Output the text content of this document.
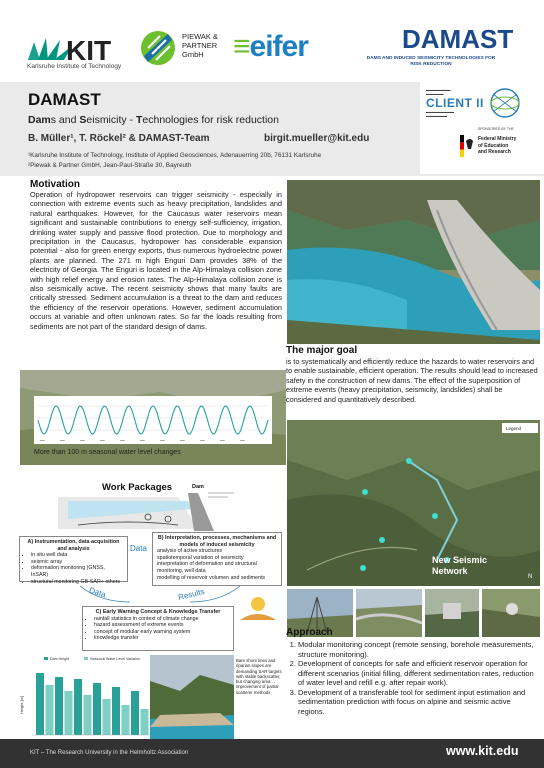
KIT
Karlsruhe Institute of Technology
PIEWAK &
PARTNER
GmbH ≡eifer	DAMAST
DAMS AND INDUCED SEISMICITY TECHNOLOGIES FOR RISK REDUCTION
DAMAST
Dams and Seismicity - Technologies for risk reduction
B. Müller¹, T. Röckel² & DAMAST-Team	birgit.mueller@kit.edu
¹Karlsruhe Institute of Technology, Institute of Applied Geosciences, Adenauerring 20b, 76131 Karlsruhe
²Piewak & Partner GmbH, Jean-Paul-Straße 30, Bayreuth
▬▬▬▬▬▬▬
▬▬▬▬▬
CLIENT II
▬▬▬▬▬▬▬▬
▬▬▬▬▬▬
SPONSORED BY THE
Federal Ministry
of Education
and Research
Motivation
Operation of hydropower reservoirs can trigger seismicity - especially in connection with extreme events such as heavy precipitation, landslides and natural earthquakes. However, for the Caucasus water reservoirs mean significant and sustainable contributions to energy self-sufficiency, irrigation, drinking water supply and passive flood protection. Due to morphology and precipitation in the Caucasus, hydropower has considerable expansion potential - also for green energy exports, thus numerous hydroelectric power plants are planned. The 271 m high Enguri Dam provides 38% of the electricity of Georgia. The Enguri is located in the Alp-Himalaya collision zone with high relief energy and erosion rates. The Alp-Himalaya collision zone is also seismically active. The recent seismicity shows that many faults are critically stressed. Sediment accumulation is a threat to the dam and reduces the efficiency of the reservoir operations. However, sediment accumulation occurs at variable and often unknown rates. So far the loads resulting from sediments are not part of the standard design of dams.
▬▬	▬▬	▬▬	▬▬	▬▬	▬▬	▬▬	▬▬	▬▬	▬▬	▬▬
More than 100 m seasonal water level changes
The major goal
is to systematically and efficiently reduce the hazards to water reservoirs and to enable sustainable, efficient operation. The results should lead to increased safety in the construction of new dams. The effect of the superposition of extreme events (heavy precipitation, seismicity, landslides) shall be considered and quantitatively described.
Work Packages	Dam
A) Instrumentation, data acquisition and analysis
• in situ well data
• seismic array
• deformation monitoring (GNSS, InSAR)
• structural monitoring GB-SAR+ others
Data
B) Interpretation, processes, mechanisms and models of induced seismicity
analysis of active structures
spatiotemporal variation of seismicity
interpretation of deformation and structural monitoring, well data
modelling of reservoir volumen and sediments
Data	Results
C) Early Warning Concept & Knowledge Transfer
• rainfall statistics in context of climate change
• hazard assessment of extreme events
• concept of modular early warning system
• knowledge transfer
Dam Height	Seasonal Water Level Variation
Height [m]
Bare shore lines and riparian slopes are demanding SAR targets with stable backscatter, but changing area → improvement of partial scatterer methods
Legend
N
New Seismic
Network
Approach
1. Modular monitoring concept (remote sensing, borehole measurements, structure monitoring).
2. Development of concepts for safe and efficient reservoir operation for different scenarios (initial filling, different sedimentation rates, reduction of water level and refill e.g. after repair work).
3. Development of a transferable tool for sediment input estimation and sedimentation prediction with focus on alpine and seismic active regions.
KIT – The Research University in the Helmholtz Association	www.kit.edu
